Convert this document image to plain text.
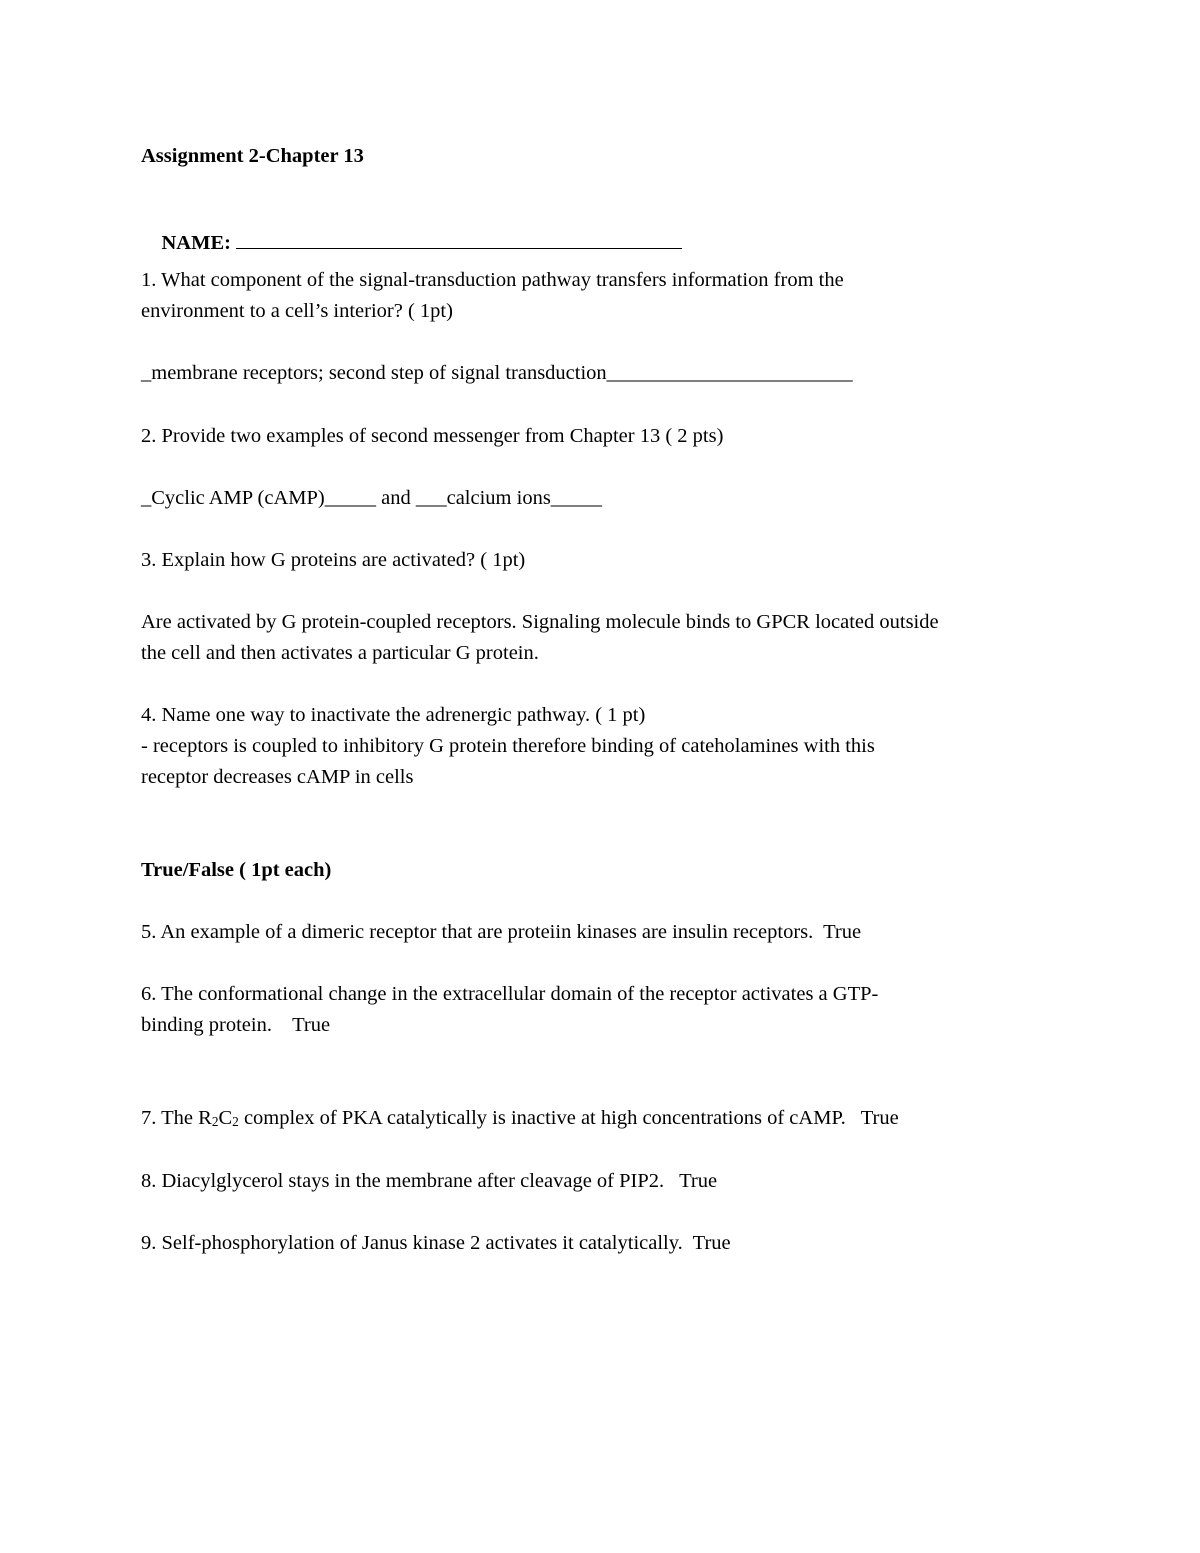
Assignment 2-Chapter 13

NAME:

1. What component of the signal-transduction pathway transfers information from the
environment to a cell’s interior? ( 1pt)
_membrane receptors; second step of signal transduction________________________
2. Provide two examples of second messenger from Chapter 13 ( 2 pts)
_Cyclic AMP (cAMP)_____ and ___calcium ions_____
3. Explain how G proteins are activated? ( 1pt)
Are activated by G protein-coupled receptors. Signaling molecule binds to GPCR located outside
the cell and then activates a particular G protein.
4. Name one way to inactivate the adrenergic pathway. ( 1 pt)
- receptors is coupled to inhibitory G protein therefore binding of cateholamines with this
receptor decreases cAMP in cells
True/False ( 1pt each)
5. An example of a dimeric receptor that are proteiin kinases are insulin receptors.  True
6. The conformational change in the extracellular domain of the receptor activates a GTP-
binding protein.    True
7. The $R_2C_2$ complex of PKA catalytically is inactive at high concentrations of cAMP.   True
8. Diacylglycerol stays in the membrane after cleavage of PIP2.   True
9. Self-phosphorylation of Janus kinase 2 activates it catalytically.  True
